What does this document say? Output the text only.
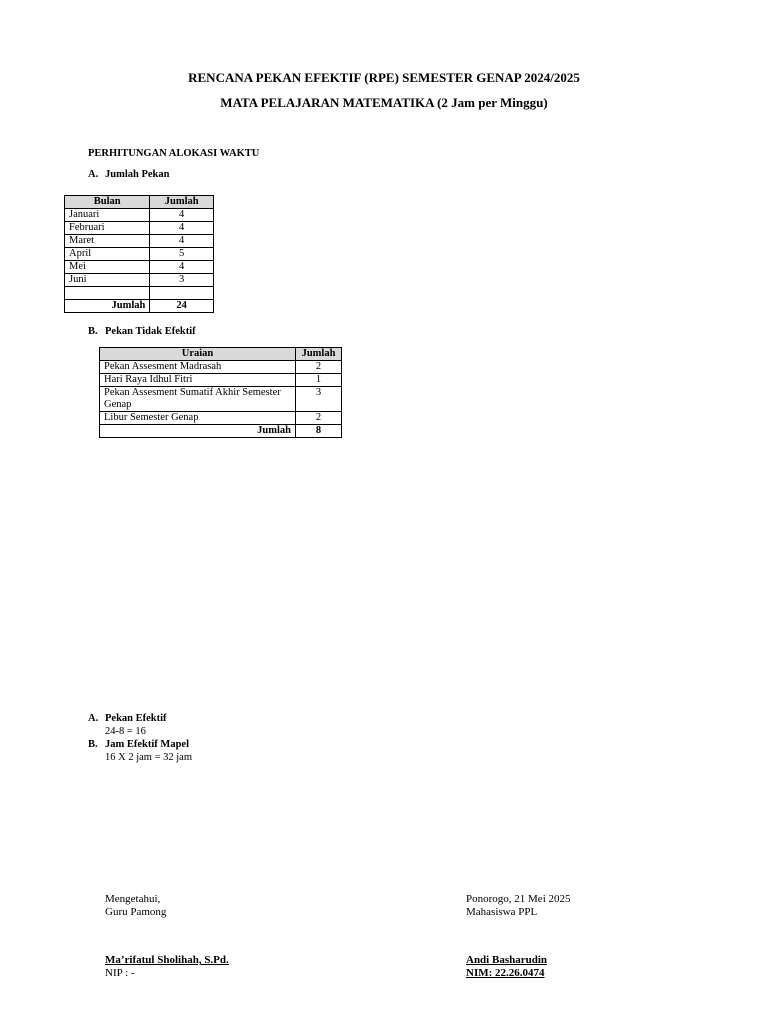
RENCANA PEKAN EFEKTIF (RPE) SEMESTER GENAP 2024/2025
MATA PELAJARAN MATEMATIKA (2 Jam per Minggu)
PERHITUNGAN ALOKASI WAKTU
A. Jumlah Pekan
Bulan	Jumlah
Januari	4
Februari	4
Maret	4
April	5
Mei	4
Juni	3

Jumlah	24
B. Pekan Tidak Efektif
Uraian	Jumlah
Pekan Assesment Madrasah	2
Hari Raya Idhul Fitri	1
Pekan Assesment Sumatif Akhir Semester Genap	3
Libur Semester Genap	2
Jumlah	8
A. Pekan Efektif
24-8 = 16
B. Jam Efektif Mapel
16 X 2 jam = 32 jam
Mengetahui,
Guru Pamong
Ma’rifatul Sholihah, S.Pd.
NIP : -
Ponorogo, 21 Mei 2025
Mahasiswa PPL
Andi Basharudin
NIM: 22.26.0474
